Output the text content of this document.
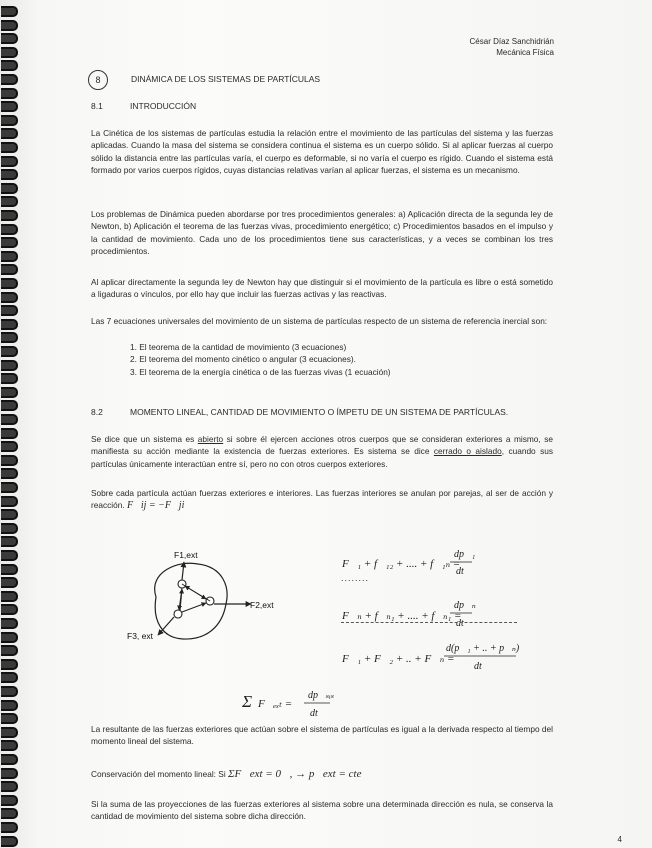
César Díaz Sanchidrián
Mecánica Física
8	DINÁMICA DE LOS SISTEMAS DE PARTÍCULAS
8.1	INTRODUCCIÓN
La Cinética de los sistemas de partículas estudia la relación entre el movimiento de las partículas del sistema y las fuerzas aplicadas. Cuando la masa del sistema se considera continua el sistema es un cuerpo sólido. Si al aplicar fuerzas al cuerpo sólido la distancia entre las partículas varía, el cuerpo es deformable, si no varía el cuerpo es rígido. Cuando el sistema está formado por varios cuerpos rígidos, cuyas distancias relativas varían al aplicar fuerzas, el sistema es un mecanismo.
Los problemas de Dinámica pueden abordarse por tres procedimientos generales: a) Aplicación directa de la segunda ley de Newton, b) Aplicación el teorema de las fuerzas vivas, procedimiento energético; c) Procedimientos basados en el impulso y la cantidad de movimiento. Cada uno de los procedimientos tiene sus características, y a veces se combinan los tres procedimientos.
Al aplicar directamente la segunda ley de Newton hay que distinguir si el movimiento de la partícula es libre o está sometido a ligaduras o vínculos, por ello hay que incluir las fuerzas activas y las reactivas.
Las 7 ecuaciones universales del movimiento de un sistema de partículas respecto de un sistema de referencia inercial son:
1. El teorema de la cantidad de movimiento (3 ecuaciones)
2. El teorema del momento cinético o angular (3 ecuaciones).
3. El teorema de la energía cinética o de las fuerzas vivas (1 ecuación)
8.2	MOMENTO LINEAL, CANTIDAD DE MOVIMIENTO O ÍMPETU DE UN SISTEMA DE PARTÍCULAS.
Se dice que un sistema es abierto si sobre él ejercen acciones otros cuerpos que se consideran exteriores a mismo, se manifiesta su acción mediante la existencia de fuerzas exteriores. Es sistema se dice cerrado o aislado, cuando sus partículas únicamente interactúan entre sí, pero no con otros cuerpos exteriores.
Sobre cada partícula actúan fuerzas exteriores e interiores. Las fuerzas interiores se anulan por parejas, al ser de acción y reacción. F⃗ij = −F⃗ji
F1,ext
F2,ext
F3, ext
F⃗₁ + f⃗₁₂ + .... + f⃗₁ₙ =
dp⃗₁
dt
F⃗ₙ + f⃗ₙ₁ + .... + f⃗ₙ₁ =
dp⃗ₙ
dt
F⃗₁ + F⃗₂ + .. + F⃗ₙ =
d(p⃗₁ + .. + p⃗ₙ)
dt
........
Σ F⃗ₑₓₜ =
dp⃗ₛᵢₛ
dt
La resultante de las fuerzas exteriores que actúan sobre el sistema de partículas es igual a la derivada respecto al tiempo del momento lineal del sistema.
Conservación del momento lineal: Si ΣF⃗ext = 0⃗, → p⃗ext = cte
Si la suma de las proyecciones de las fuerzas exteriores al sistema sobre una determinada dirección es nula, se conserva la cantidad de movimiento del sistema sobre dicha dirección.
4
